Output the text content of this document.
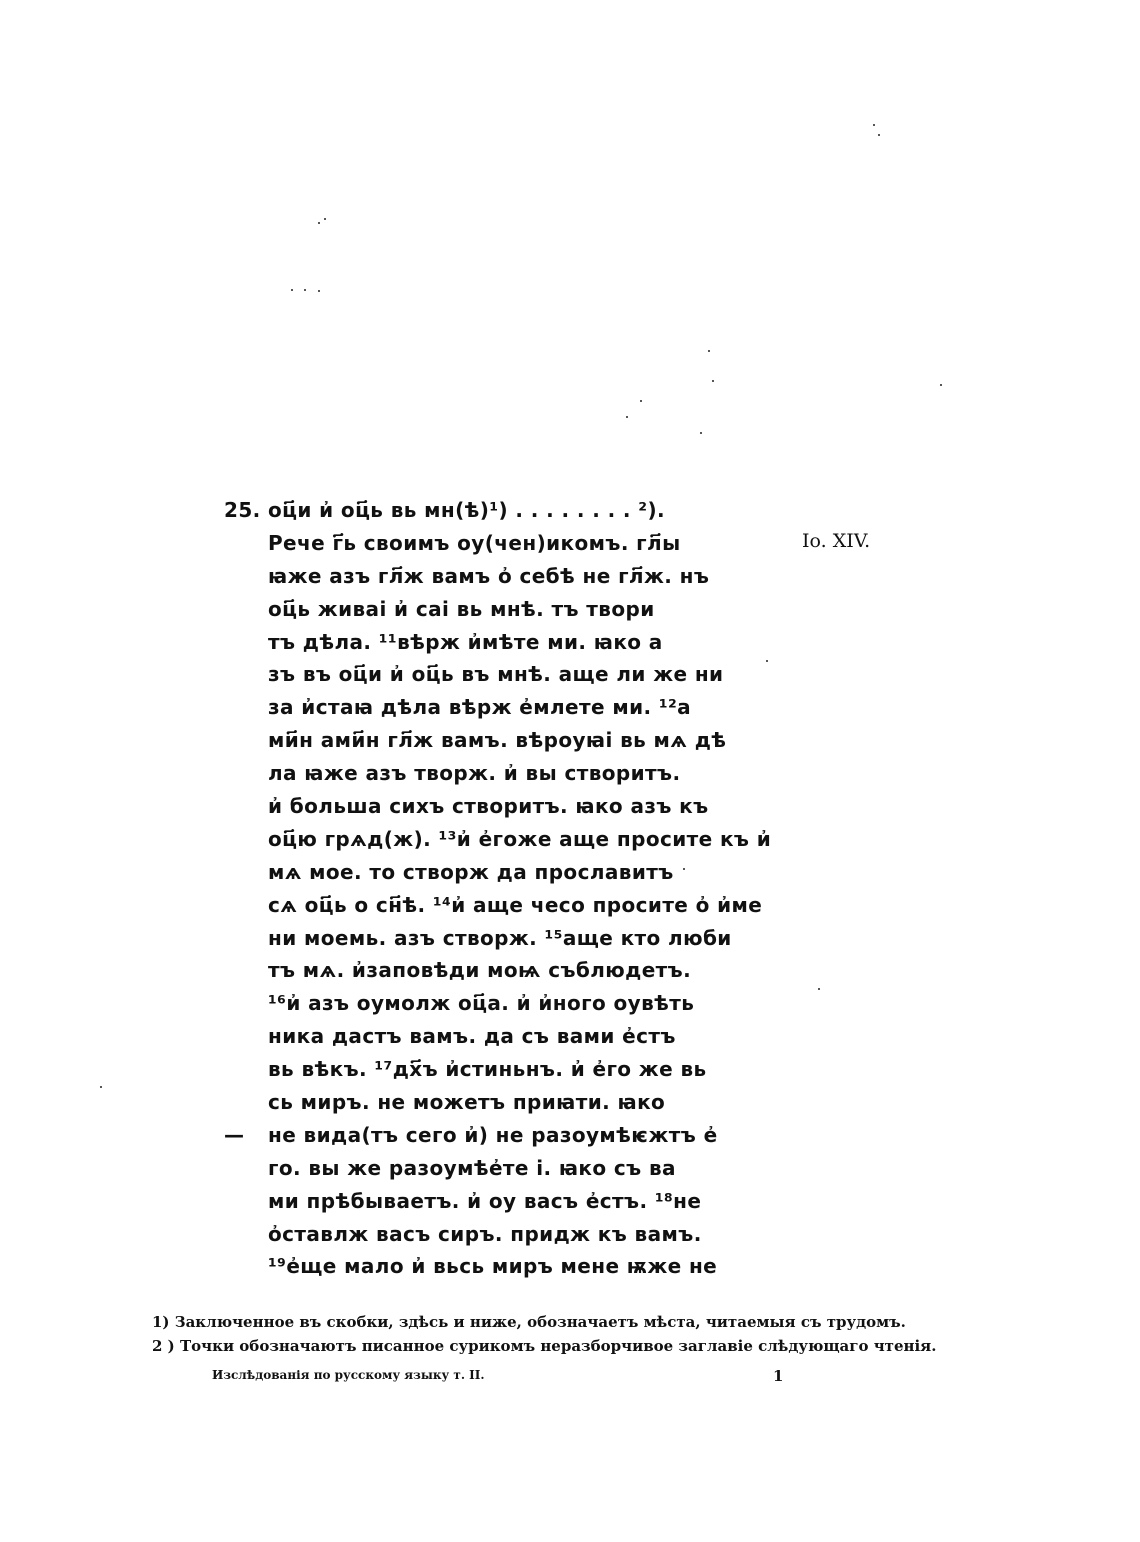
25. оц҃и и҆ оц҃ь вь мн(ѣ)¹) . . . . . . . . ²).
Рече г҃ь своимъ оу(чен)икомъ. гл҃ы
ꙗже азъ гл҃ж вамъ о҆ себѣ не гл҃ж. нъ
оц҃ь живаі и҆ саі вь мнѣ. тъ твори
тъ дѣла. ¹¹вѣрж и҆мѣте ми. ꙗко а
зъ въ оц҃и и҆ оц҃ь въ мнѣ. аще ли же ни
за и҆стаꙗ дѣла вѣрж е҆млете ми. ¹²а
ми҃н ами҃н гл҃ж вамъ. вѣроуꙗі вь мѧ дѣ
ла ꙗже азъ творж. и҆ вы створитъ.
и҆ больша сихъ створитъ. ꙗко азъ къ
оц҃ю грѧд(ж). ¹³и҆ е҆гоже аще просите къ и҆
мѧ мое. то створж да прославитъ
сѧ оц҃ь о сн҃ѣ. ¹⁴и҆ аще чесо просите о҆ и҆ме
ни моемь. азъ створж. ¹⁵аще кто люби
тъ мѧ. и҆заповѣди моѩ съблюдетъ.
¹⁶и҆ азъ оумолж оц҃а. и҆ и҆ного оувѣть
ника дастъ вамъ. да съ вами е҆стъ
вь вѣкъ. ¹⁷дх҃ъ и҆стиньнъ. и҆ е҆го же вь
сь миръ. не можетъ приꙗти. ꙗко
— не вида(тъ сего и҆) не разоумѣѥжтъ е҆
го. вы же разоумѣе҆те і. ꙗко съ ва
ми прѣбываетъ. и҆ оу васъ е҆стъ. ¹⁸не
о҆ставлж васъ сиръ. придж къ вамъ.
¹⁹е҆ще мало и҆ вьсь миръ мене ѭже не
Io. XIV.
1) Заключенное въ скобки, здѣсь и ниже, обозначаетъ мѣста, читаемыя съ трудомъ.
2 ) Точки обозначаютъ писанное сурикомъ неразборчивое заглавіе слѣдующаго чтенія.
Изслѣдованія по русскому языку т. II.	1
